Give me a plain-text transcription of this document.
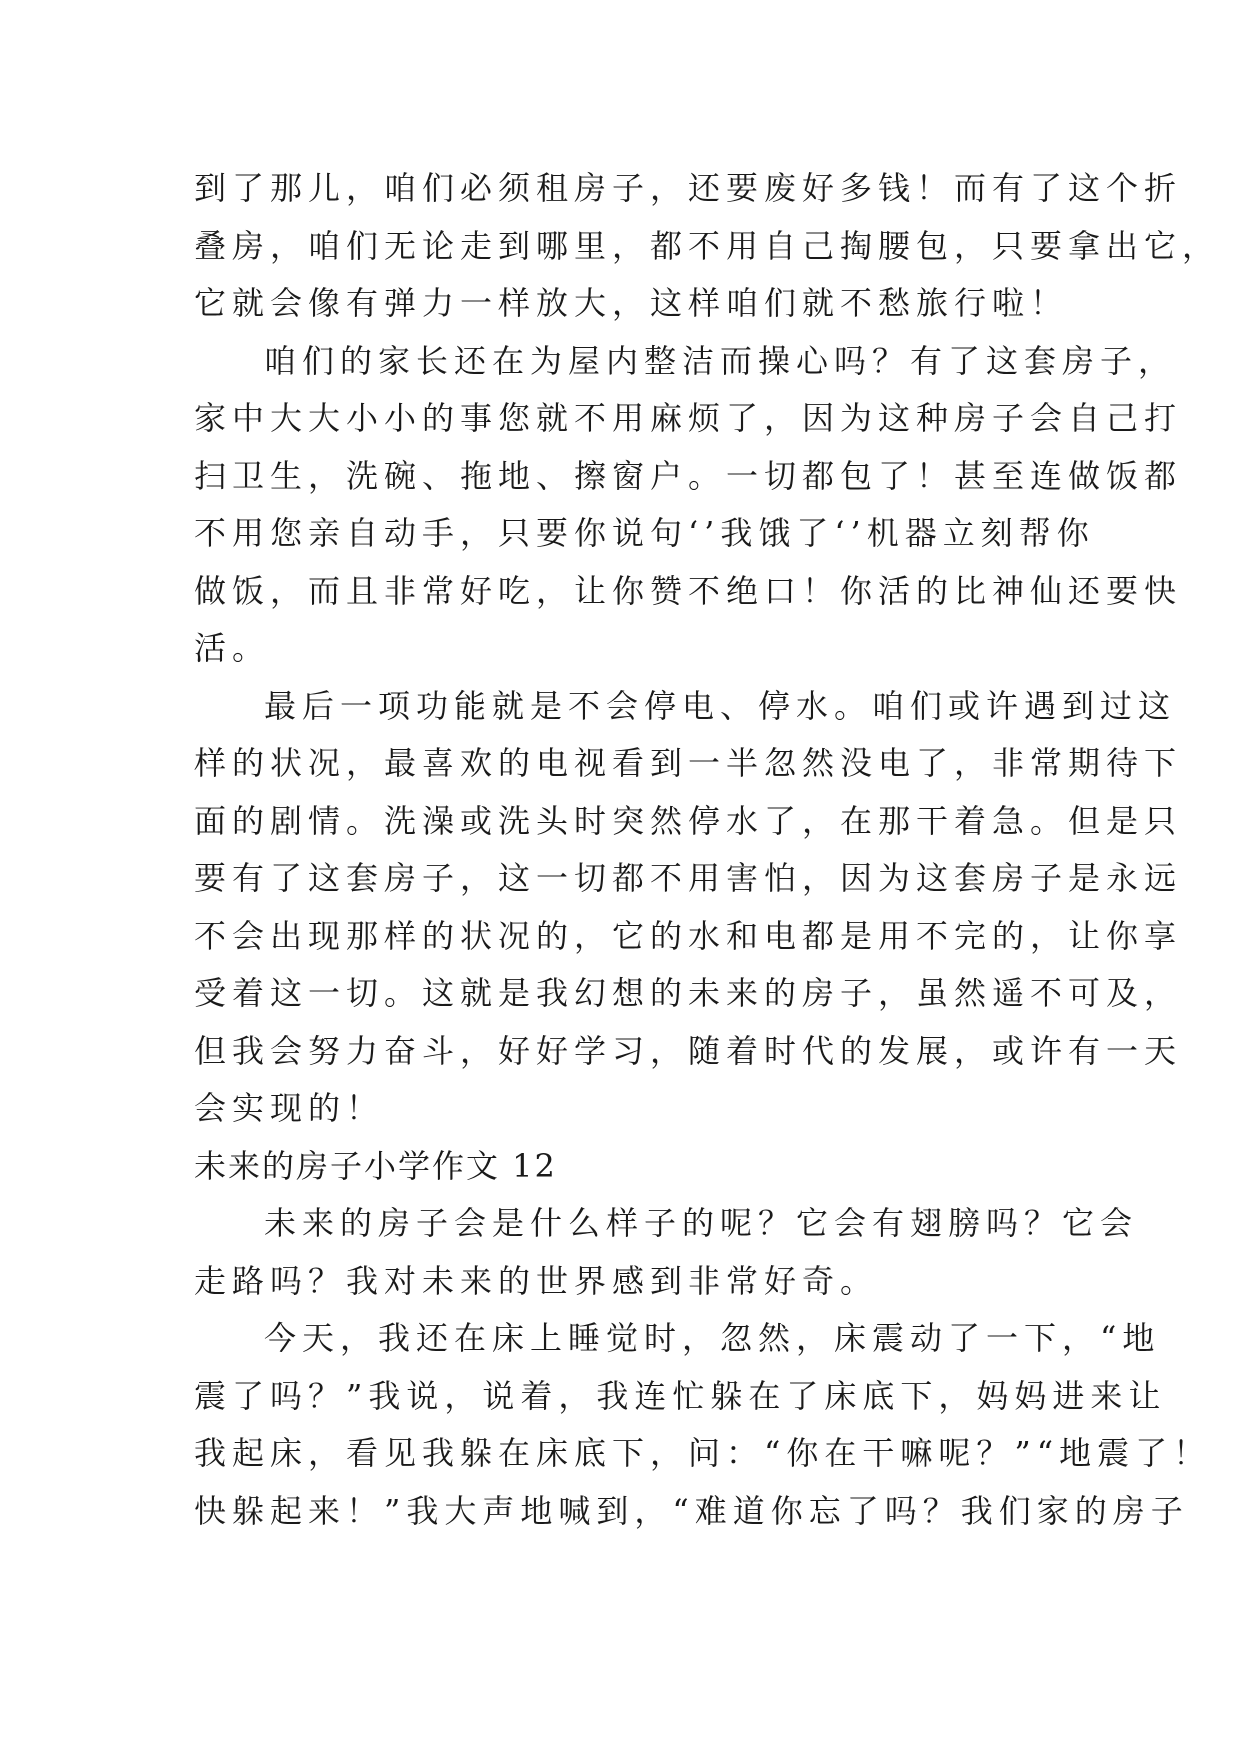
到了那儿，咱们必须租房子，还要废好多钱！而有了这个折
叠房，咱们无论走到哪里，都不用自己掏腰包，只要拿出它，
它就会像有弹力一样放大，这样咱们就不愁旅行啦！
咱们的家长还在为屋内整洁而操心吗？有了这套房子，
家中大大小小的事您就不用麻烦了，因为这种房子会自己打
扫卫生，洗碗、拖地、擦窗户。一切都包了！甚至连做饭都
不用您亲自动手，只要你说句‘’我饿了‘’机器立刻帮你
做饭，而且非常好吃，让你赞不绝口！你活的比神仙还要快
活。
最后一项功能就是不会停电、停水。咱们或许遇到过这
样的状况，最喜欢的电视看到一半忽然没电了，非常期待下
面的剧情。洗澡或洗头时突然停水了，在那干着急。但是只
要有了这套房子，这一切都不用害怕，因为这套房子是永远
不会出现那样的状况的，它的水和电都是用不完的，让你享
受着这一切。这就是我幻想的未来的房子，虽然遥不可及，
但我会努力奋斗，好好学习，随着时代的发展，或许有一天
会实现的！
未来的房子小学作文 12
未来的房子会是什么样子的呢？它会有翅膀吗？它会
走路吗？我对未来的世界感到非常好奇。
今天，我还在床上睡觉时，忽然，床震动了一下，“地
震了吗？”我说，说着，我连忙躲在了床底下，妈妈进来让
我起床，看见我躲在床底下，问：“你在干嘛呢？”“地震了！
快躲起来！”我大声地喊到，“难道你忘了吗？我们家的房子
